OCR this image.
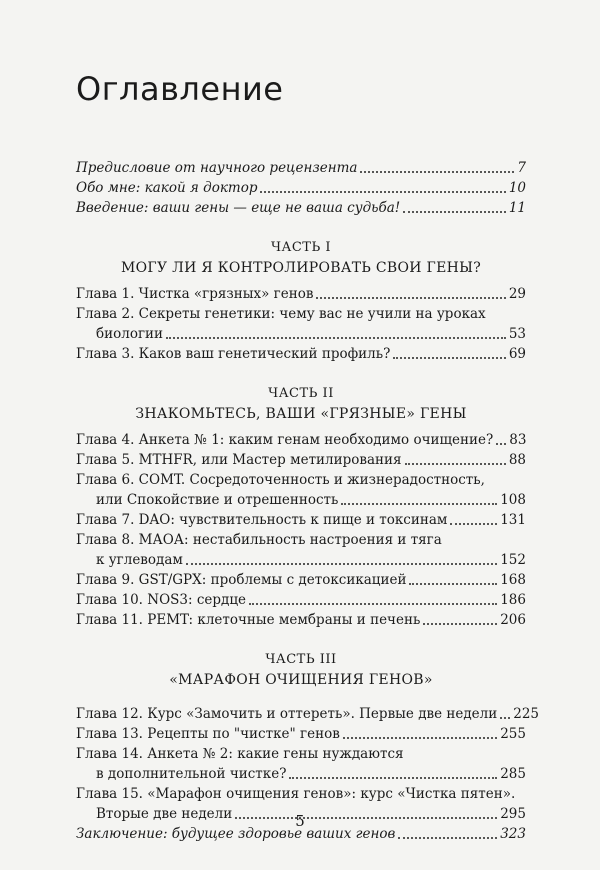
Оглавление
Предисловие от научного рецензента	7
Обо мне: какой я доктор	10
Введение: ваши гены — еще не ваша судьба!	11
ЧАСТЬ I
МОГУ ЛИ Я КОНТРОЛИРОВАТЬ СВОИ ГЕНЫ?
Глава 1. Чистка «грязных» генов	29
Глава 2. Секреты генетики: чему вас не учили на уроках
биологии	53
Глава 3. Каков ваш генетический профиль?	69
ЧАСТЬ II
ЗНАКОМЬТЕСЬ, ВАШИ «ГРЯЗНЫЕ» ГЕНЫ
Глава 4. Анкета № 1: каким генам необходимо очищение? 83
Глава 5. MTHFR, или Мастер метилирования	88
Глава 6. COMT. Сосредоточенность и жизнерадостность,
или Спокойствие и отрешенность	108
Глава 7. DAO: чувствительность к пище и токсинам	131
Глава 8. МАОА: нестабильность настроения и тяга
к углеводам	152
Глава 9. GST/GPX: проблемы с детоксикацией	168
Глава 10. NOS3: сердце	186
Глава 11. PEMT: клеточные мембраны и печень	206
ЧАСТЬ III
«МАРАФОН ОЧИЩЕНИЯ ГЕНОВ»
Глава 12. Курс «Замочить и оттереть». Первые две недели 225
Глава 13. Рецепты по "чистке" генов	255
Глава 14. Анкета № 2: какие гены нуждаются
в дополнительной чистке?	285
Глава 15. «Марафон очищения генов»: курс «Чистка пятен».
Вторые две недели	295
Заключение: будущее здоровье ваших генов	323
5
